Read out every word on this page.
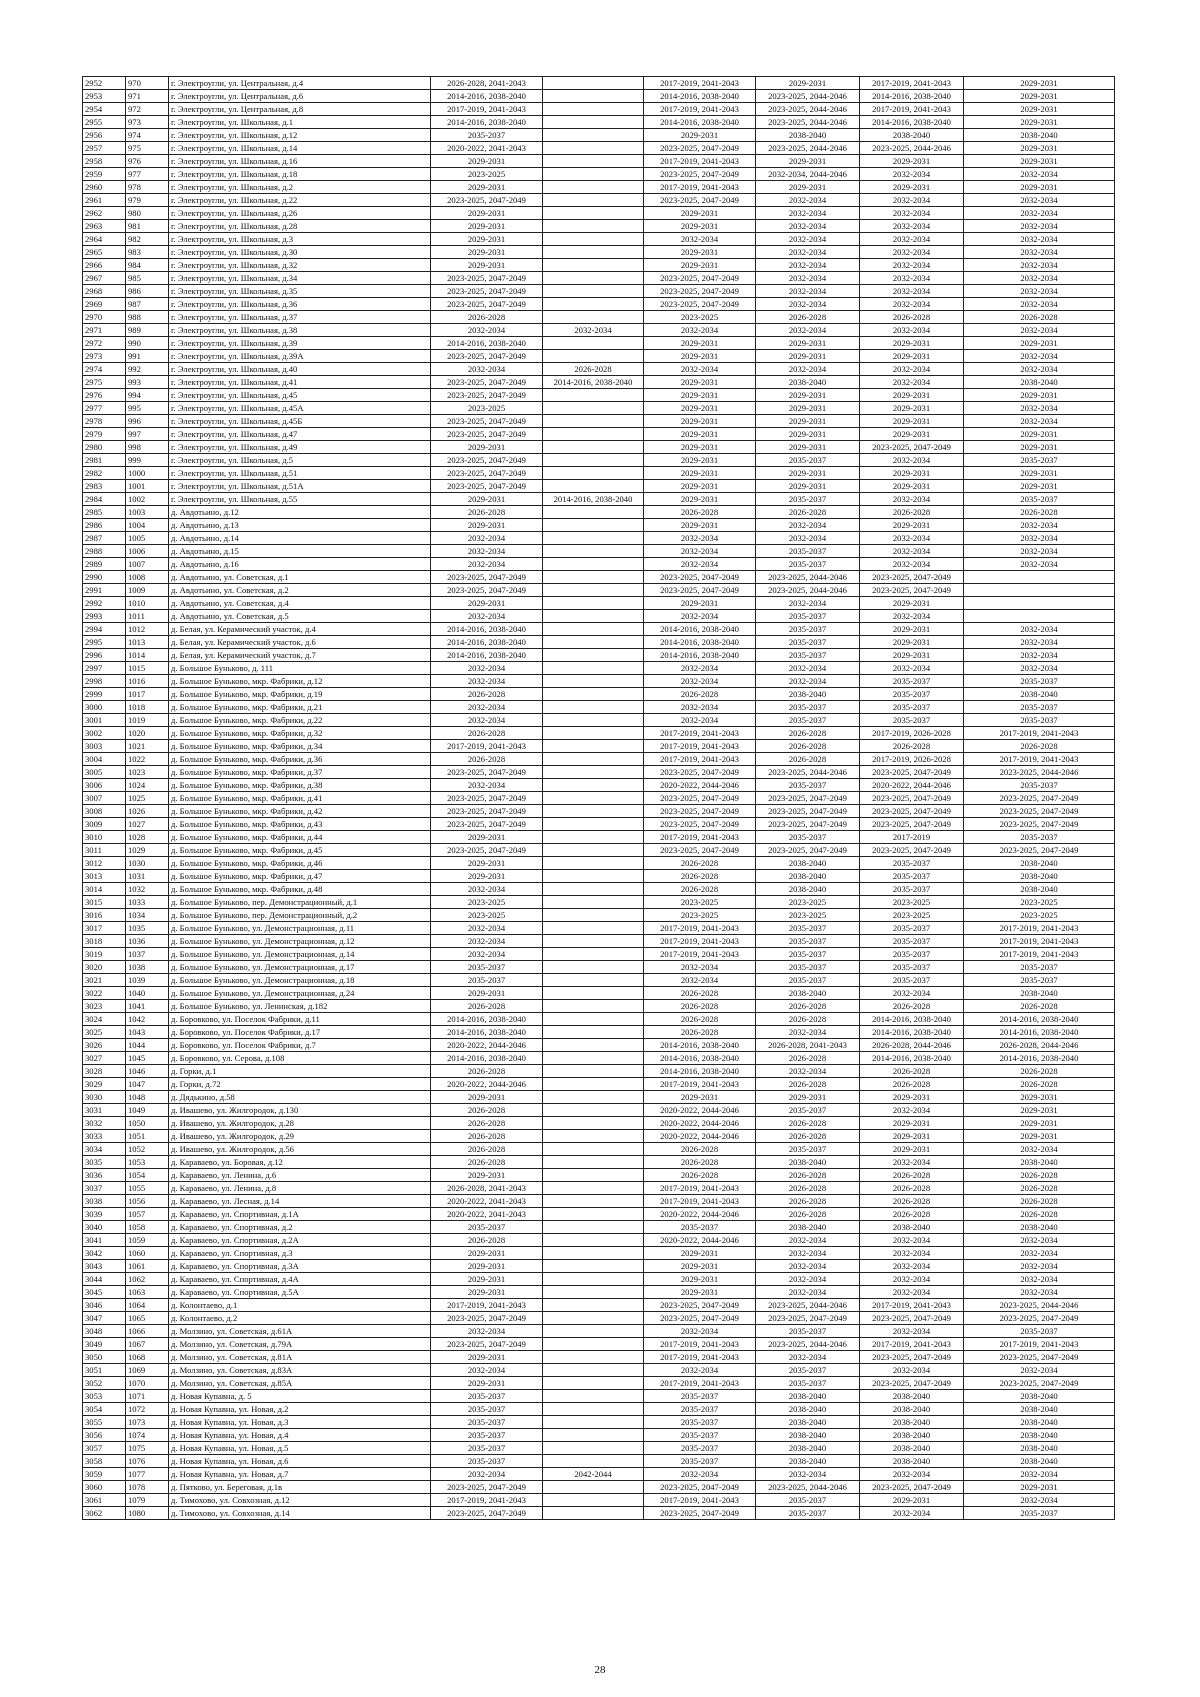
2952	970	г. Электроугли, ул. Центральная, д.4	2026-2028, 2041-2043		2017-2019, 2041-2043	2029-2031	2017-2019, 2041-2043	2029-2031
2953	971	г. Электроугли, ул. Центральная, д.6	2014-2016, 2038-2040		2014-2016, 2038-2040	2023-2025, 2044-2046	2014-2016, 2038-2040	2029-2031
2954	972	г. Электроугли, ул. Центральная, д.8	2017-2019, 2041-2043		2017-2019, 2041-2043	2023-2025, 2044-2046	2017-2019, 2041-2043	2029-2031
2955	973	г. Электроугли, ул. Школьная, д.1	2014-2016, 2038-2040		2014-2016, 2038-2040	2023-2025, 2044-2046	2014-2016, 2038-2040	2029-2031
2956	974	г. Электроугли, ул. Школьная, д.12	2035-2037		2029-2031	2038-2040	2038-2040	2038-2040
2957	975	г. Электроугли, ул. Школьная, д.14	2020-2022, 2041-2043		2023-2025, 2047-2049	2023-2025, 2044-2046	2023-2025, 2044-2046	2029-2031
2958	976	г. Электроугли, ул. Школьная, д.16	2029-2031		2017-2019, 2041-2043	2029-2031	2029-2031	2029-2031
2959	977	г. Электроугли, ул. Школьная, д.18	2023-2025		2023-2025, 2047-2049	2032-2034, 2044-2046	2032-2034	2032-2034
2960	978	г. Электроугли, ул. Школьная, д.2	2029-2031		2017-2019, 2041-2043	2029-2031	2029-2031	2029-2031
2961	979	г. Электроугли, ул. Школьная, д.22	2023-2025, 2047-2049		2023-2025, 2047-2049	2032-2034	2032-2034	2032-2034
2962	980	г. Электроугли, ул. Школьная, д.26	2029-2031		2029-2031	2032-2034	2032-2034	2032-2034
2963	981	г. Электроугли, ул. Школьная, д.28	2029-2031		2029-2031	2032-2034	2032-2034	2032-2034
2964	982	г. Электроугли, ул. Школьная, д.3	2029-2031		2032-2034	2032-2034	2032-2034	2032-2034
2965	983	г. Электроугли, ул. Школьная, д.30	2029-2031		2029-2031	2032-2034	2032-2034	2032-2034
2966	984	г. Электроугли, ул. Школьная, д.32	2029-2031		2029-2031	2032-2034	2032-2034	2032-2034
2967	985	г. Электроугли, ул. Школьная, д.34	2023-2025, 2047-2049		2023-2025, 2047-2049	2032-2034	2032-2034	2032-2034
2968	986	г. Электроугли, ул. Школьная, д.35	2023-2025, 2047-2049		2023-2025, 2047-2049	2032-2034	2032-2034	2032-2034
2969	987	г. Электроугли, ул. Школьная, д.36	2023-2025, 2047-2049		2023-2025, 2047-2049	2032-2034	2032-2034	2032-2034
2970	988	г. Электроугли, ул. Школьная, д.37	2026-2028		2023-2025	2026-2028	2026-2028	2026-2028
2971	989	г. Электроугли, ул. Школьная, д.38	2032-2034	2032-2034	2032-2034	2032-2034	2032-2034	2032-2034
2972	990	г. Электроугли, ул. Школьная, д.39	2014-2016, 2038-2040		2029-2031	2029-2031	2029-2031	2029-2031
2973	991	г. Электроугли, ул. Школьная, д.39А	2023-2025, 2047-2049		2029-2031	2029-2031	2029-2031	2032-2034
2974	992	г. Электроугли, ул. Школьная, д.40	2032-2034	2026-2028	2032-2034	2032-2034	2032-2034	2032-2034
2975	993	г. Электроугли, ул. Школьная, д.41	2023-2025, 2047-2049	2014-2016, 2038-2040	2029-2031	2038-2040	2032-2034	2038-2040
2976	994	г. Электроугли, ул. Школьная, д.45	2023-2025, 2047-2049		2029-2031	2029-2031	2029-2031	2029-2031
2977	995	г. Электроугли, ул. Школьная, д.45А	2023-2025		2029-2031	2029-2031	2029-2031	2032-2034
2978	996	г. Электроугли, ул. Школьная, д.45Б	2023-2025, 2047-2049		2029-2031	2029-2031	2029-2031	2032-2034
2979	997	г. Электроугли, ул. Школьная, д.47	2023-2025, 2047-2049		2029-2031	2029-2031	2029-2031	2029-2031
2980	998	г. Электроугли, ул. Школьная, д.49	2029-2031		2029-2031	2029-2031	2023-2025, 2047-2049	2029-2031
2981	999	г. Электроугли, ул. Школьная, д.5	2023-2025, 2047-2049		2029-2031	2035-2037	2032-2034	2035-2037
2982	1000	г. Электроугли, ул. Школьная, д.51	2023-2025, 2047-2049		2029-2031	2029-2031	2029-2031	2029-2031
2983	1001	г. Электроугли, ул. Школьная, д.51А	2023-2025, 2047-2049		2029-2031	2029-2031	2029-2031	2029-2031
2984	1002	г. Электроугли, ул. Школьная, д.55	2029-2031	2014-2016, 2038-2040	2029-2031	2035-2037	2032-2034	2035-2037
2985	1003	д. Авдотьино, д.12	2026-2028		2026-2028	2026-2028	2026-2028	2026-2028
2986	1004	д. Авдотьино, д.13	2029-2031		2029-2031	2032-2034	2029-2031	2032-2034
2987	1005	д. Авдотьино, д.14	2032-2034		2032-2034	2032-2034	2032-2034	2032-2034
2988	1006	д. Авдотьино, д.15	2032-2034		2032-2034	2035-2037	2032-2034	2032-2034
2989	1007	д. Авдотьино, д.16	2032-2034		2032-2034	2035-2037	2032-2034	2032-2034
2990	1008	д. Авдотьино, ул. Советская, д.1	2023-2025, 2047-2049		2023-2025, 2047-2049	2023-2025, 2044-2046	2023-2025, 2047-2049	
2991	1009	д. Авдотьино, ул. Советская, д.2	2023-2025, 2047-2049		2023-2025, 2047-2049	2023-2025, 2044-2046	2023-2025, 2047-2049	
2992	1010	д. Авдотьино, ул. Советская, д.4	2029-2031		2029-2031	2032-2034	2029-2031	
2993	1011	д. Авдотьино, ул. Советская, д.5	2032-2034		2032-2034	2035-2037	2032-2034	
2994	1012	д. Белая, ул. Керамический участок, д.4	2014-2016, 2038-2040		2014-2016, 2038-2040	2035-2037	2029-2031	2032-2034
2995	1013	д. Белая, ул. Керамический участок, д.6	2014-2016, 2038-2040		2014-2016, 2038-2040	2035-2037	2029-2031	2032-2034
2996	1014	д. Белая, ул. Керамический участок, д.7	2014-2016, 2038-2040		2014-2016, 2038-2040	2035-2037	2029-2031	2032-2034
2997	1015	д. Большое Буньково, д. 111	2032-2034		2032-2034	2032-2034	2032-2034	2032-2034
2998	1016	д. Большое Буньково, мкр. Фабрики, д.12	2032-2034		2032-2034	2032-2034	2035-2037	2035-2037
2999	1017	д. Большое Буньково, мкр. Фабрики, д.19	2026-2028		2026-2028	2038-2040	2035-2037	2038-2040
3000	1018	д. Большое Буньково, мкр. Фабрики, д.21	2032-2034		2032-2034	2035-2037	2035-2037	2035-2037
3001	1019	д. Большое Буньково, мкр. Фабрики, д.22	2032-2034		2032-2034	2035-2037	2035-2037	2035-2037
3002	1020	д. Большое Буньково, мкр. Фабрики, д.32	2026-2028		2017-2019, 2041-2043	2026-2028	2017-2019, 2026-2028	2017-2019, 2041-2043
3003	1021	д. Большое Буньково, мкр. Фабрики, д.34	2017-2019, 2041-2043		2017-2019, 2041-2043	2026-2028	2026-2028	2026-2028
3004	1022	д. Большое Буньково, мкр. Фабрики, д.36	2026-2028		2017-2019, 2041-2043	2026-2028	2017-2019, 2026-2028	2017-2019, 2041-2043
3005	1023	д. Большое Буньково, мкр. Фабрики, д.37	2023-2025, 2047-2049		2023-2025, 2047-2049	2023-2025, 2044-2046	2023-2025, 2047-2049	2023-2025, 2044-2046
3006	1024	д. Большое Буньково, мкр. Фабрики, д.38	2032-2034		2020-2022, 2044-2046	2035-2037	2020-2022, 2044-2046	2035-2037
3007	1025	д. Большое Буньково, мкр. Фабрики, д.41	2023-2025, 2047-2049		2023-2025, 2047-2049	2023-2025, 2047-2049	2023-2025, 2047-2049	2023-2025, 2047-2049
3008	1026	д. Большое Буньково, мкр. Фабрики, д.42	2023-2025, 2047-2049		2023-2025, 2047-2049	2023-2025, 2047-2049	2023-2025, 2047-2049	2023-2025, 2047-2049
3009	1027	д. Большое Буньково, мкр. Фабрики, д.43	2023-2025, 2047-2049		2023-2025, 2047-2049	2023-2025, 2047-2049	2023-2025, 2047-2049	2023-2025, 2047-2049
3010	1028	д. Большое Буньково, мкр. Фабрики, д.44	2029-2031		2017-2019, 2041-2043	2035-2037	2017-2019	2035-2037
3011	1029	д. Большое Буньково, мкр. Фабрики, д.45	2023-2025, 2047-2049		2023-2025, 2047-2049	2023-2025, 2047-2049	2023-2025, 2047-2049	2023-2025, 2047-2049
3012	1030	д. Большое Буньково, мкр. Фабрики, д.46	2029-2031		2026-2028	2038-2040	2035-2037	2038-2040
3013	1031	д. Большое Буньково, мкр. Фабрики, д.47	2029-2031		2026-2028	2038-2040	2035-2037	2038-2040
3014	1032	д. Большое Буньково, мкр. Фабрики, д.48	2032-2034		2026-2028	2038-2040	2035-2037	2038-2040
3015	1033	д. Большое Буньково, пер. Демонстрационный, д.1	2023-2025		2023-2025	2023-2025	2023-2025	2023-2025
3016	1034	д. Большое Буньково, пер. Демонстрационный, д.2	2023-2025		2023-2025	2023-2025	2023-2025	2023-2025
3017	1035	д. Большое Буньково, ул. Демонстрационная, д.11	2032-2034		2017-2019, 2041-2043	2035-2037	2035-2037	2017-2019, 2041-2043
3018	1036	д. Большое Буньково, ул. Демонстрационная, д.12	2032-2034		2017-2019, 2041-2043	2035-2037	2035-2037	2017-2019, 2041-2043
3019	1037	д. Большое Буньково, ул. Демонстрационная, д.14	2032-2034		2017-2019, 2041-2043	2035-2037	2035-2037	2017-2019, 2041-2043
3020	1038	д. Большое Буньково, ул. Демонстрационная, д.17	2035-2037		2032-2034	2035-2037	2035-2037	2035-2037
3021	1039	д. Большое Буньково, ул. Демонстрационная, д.18	2035-2037		2032-2034	2035-2037	2035-2037	2035-2037
3022	1040	д. Большое Буньково, ул. Демонстрационная, д.24	2029-2031		2026-2028	2038-2040	2032-2034	2038-2040
3023	1041	д. Большое Буньково, ул. Ленинская, д.182	2026-2028		2026-2028	2026-2028	2026-2028	2026-2028
3024	1042	д. Боровково, ул. Поселок Фабрики, д.11	2014-2016, 2038-2040		2026-2028	2026-2028	2014-2016, 2038-2040	2014-2016, 2038-2040
3025	1043	д. Боровково, ул. Поселок Фабрики, д.17	2014-2016, 2038-2040		2026-2028	2032-2034	2014-2016, 2038-2040	2014-2016, 2038-2040
3026	1044	д. Боровково, ул. Поселок Фабрики, д.7	2020-2022, 2044-2046		2014-2016, 2038-2040	2026-2028, 2041-2043	2026-2028, 2044-2046	2026-2028, 2044-2046
3027	1045	д. Боровково, ул. Серова, д.108	2014-2016, 2038-2040		2014-2016, 2038-2040	2026-2028	2014-2016, 2038-2040	2014-2016, 2038-2040
3028	1046	д. Горки, д.1	2026-2028		2014-2016, 2038-2040	2032-2034	2026-2028	2026-2028
3029	1047	д. Горки, д.72	2020-2022, 2044-2046		2017-2019, 2041-2043	2026-2028	2026-2028	2026-2028
3030	1048	д. Дядькино, д.58	2029-2031		2029-2031	2029-2031	2029-2031	2029-2031
3031	1049	д. Ивашево, ул. Жилгородок, д.130	2026-2028		2020-2022, 2044-2046	2035-2037	2032-2034	2029-2031
3032	1050	д. Ивашево, ул. Жилгородок, д.28	2026-2028		2020-2022, 2044-2046	2026-2028	2029-2031	2029-2031
3033	1051	д. Ивашево, ул. Жилгородок, д.29	2026-2028		2020-2022, 2044-2046	2026-2028	2029-2031	2029-2031
3034	1052	д. Ивашево, ул. Жилгородок, д.56	2026-2028		2026-2028	2035-2037	2029-2031	2032-2034
3035	1053	д. Караваево, ул. Боровая, д.12	2026-2028		2026-2028	2038-2040	2032-2034	2038-2040
3036	1054	д. Караваево, ул. Ленина, д.6	2029-2031		2026-2028	2026-2028	2026-2028	2026-2028
3037	1055	д. Караваево, ул. Ленина, д.8	2026-2028, 2041-2043		2017-2019, 2041-2043	2026-2028	2026-2028	2026-2028
3038	1056	д. Караваево, ул. Лесная, д.14	2020-2022, 2041-2043		2017-2019, 2041-2043	2026-2028	2026-2028	2026-2028
3039	1057	д. Караваево, ул. Спортивная, д.1А	2020-2022, 2041-2043		2020-2022, 2044-2046	2026-2028	2026-2028	2026-2028
3040	1058	д. Караваево, ул. Спортивная, д.2	2035-2037		2035-2037	2038-2040	2038-2040	2038-2040
3041	1059	д. Караваево, ул. Спортивная, д.2А	2026-2028		2020-2022, 2044-2046	2032-2034	2032-2034	2032-2034
3042	1060	д. Караваево, ул. Спортивная, д.3	2029-2031		2029-2031	2032-2034	2032-2034	2032-2034
3043	1061	д. Караваево, ул. Спортивная, д.3А	2029-2031		2029-2031	2032-2034	2032-2034	2032-2034
3044	1062	д. Караваево, ул. Спортивная, д.4А	2029-2031		2029-2031	2032-2034	2032-2034	2032-2034
3045	1063	д. Караваево, ул. Спортивная, д.5А	2029-2031		2029-2031	2032-2034	2032-2034	2032-2034
3046	1064	д. Колонтаево, д.1	2017-2019, 2041-2043		2023-2025, 2047-2049	2023-2025, 2044-2046	2017-2019, 2041-2043	2023-2025, 2044-2046
3047	1065	д. Колонтаево, д.2	2023-2025, 2047-2049		2023-2025, 2047-2049	2023-2025, 2047-2049	2023-2025, 2047-2049	2023-2025, 2047-2049
3048	1066	д. Молзино, ул. Советская, д.61А	2032-2034		2032-2034	2035-2037	2032-2034	2035-2037
3049	1067	д. Молзино, ул. Советская, д.79А	2023-2025, 2047-2049		2017-2019, 2041-2043	2023-2025, 2044-2046	2017-2019, 2041-2043	2017-2019, 2041-2043
3050	1068	д. Молзино, ул. Советская, д.81А	2029-2031		2017-2019, 2041-2043	2032-2034	2023-2025, 2047-2049	2023-2025, 2047-2049
3051	1069	д. Молзино, ул. Советская, д.83А	2032-2034		2032-2034	2035-2037	2032-2034	2032-2034
3052	1070	д. Молзино, ул. Советская, д.85А	2029-2031		2017-2019, 2041-2043	2035-2037	2023-2025, 2047-2049	2023-2025, 2047-2049
3053	1071	д. Новая Купавна, д. 5	2035-2037		2035-2037	2038-2040	2038-2040	2038-2040
3054	1072	д. Новая Купавна, ул. Новая, д.2	2035-2037		2035-2037	2038-2040	2038-2040	2038-2040
3055	1073	д. Новая Купавна, ул. Новая, д.3	2035-2037		2035-2037	2038-2040	2038-2040	2038-2040
3056	1074	д. Новая Купавна, ул. Новая, д.4	2035-2037		2035-2037	2038-2040	2038-2040	2038-2040
3057	1075	д. Новая Купавна, ул. Новая, д.5	2035-2037		2035-2037	2038-2040	2038-2040	2038-2040
3058	1076	д. Новая Купавна, ул. Новая, д.6	2035-2037		2035-2037	2038-2040	2038-2040	2038-2040
3059	1077	д. Новая Купавна, ул. Новая, д.7	2032-2034	2042-2044	2032-2034	2032-2034	2032-2034	2032-2034
3060	1078	д. Пятково, ул. Береговая, д.1в	2023-2025, 2047-2049		2023-2025, 2047-2049	2023-2025, 2044-2046	2023-2025, 2047-2049	2029-2031
3061	1079	д. Тимохово, ул. Совхозная, д.12	2017-2019, 2041-2043		2017-2019, 2041-2043	2035-2037	2029-2031	2032-2034
3062	1080	д. Тимохово, ул. Совхозная, д.14	2023-2025, 2047-2049		2023-2025, 2047-2049	2035-2037	2032-2034	2035-2037
28
